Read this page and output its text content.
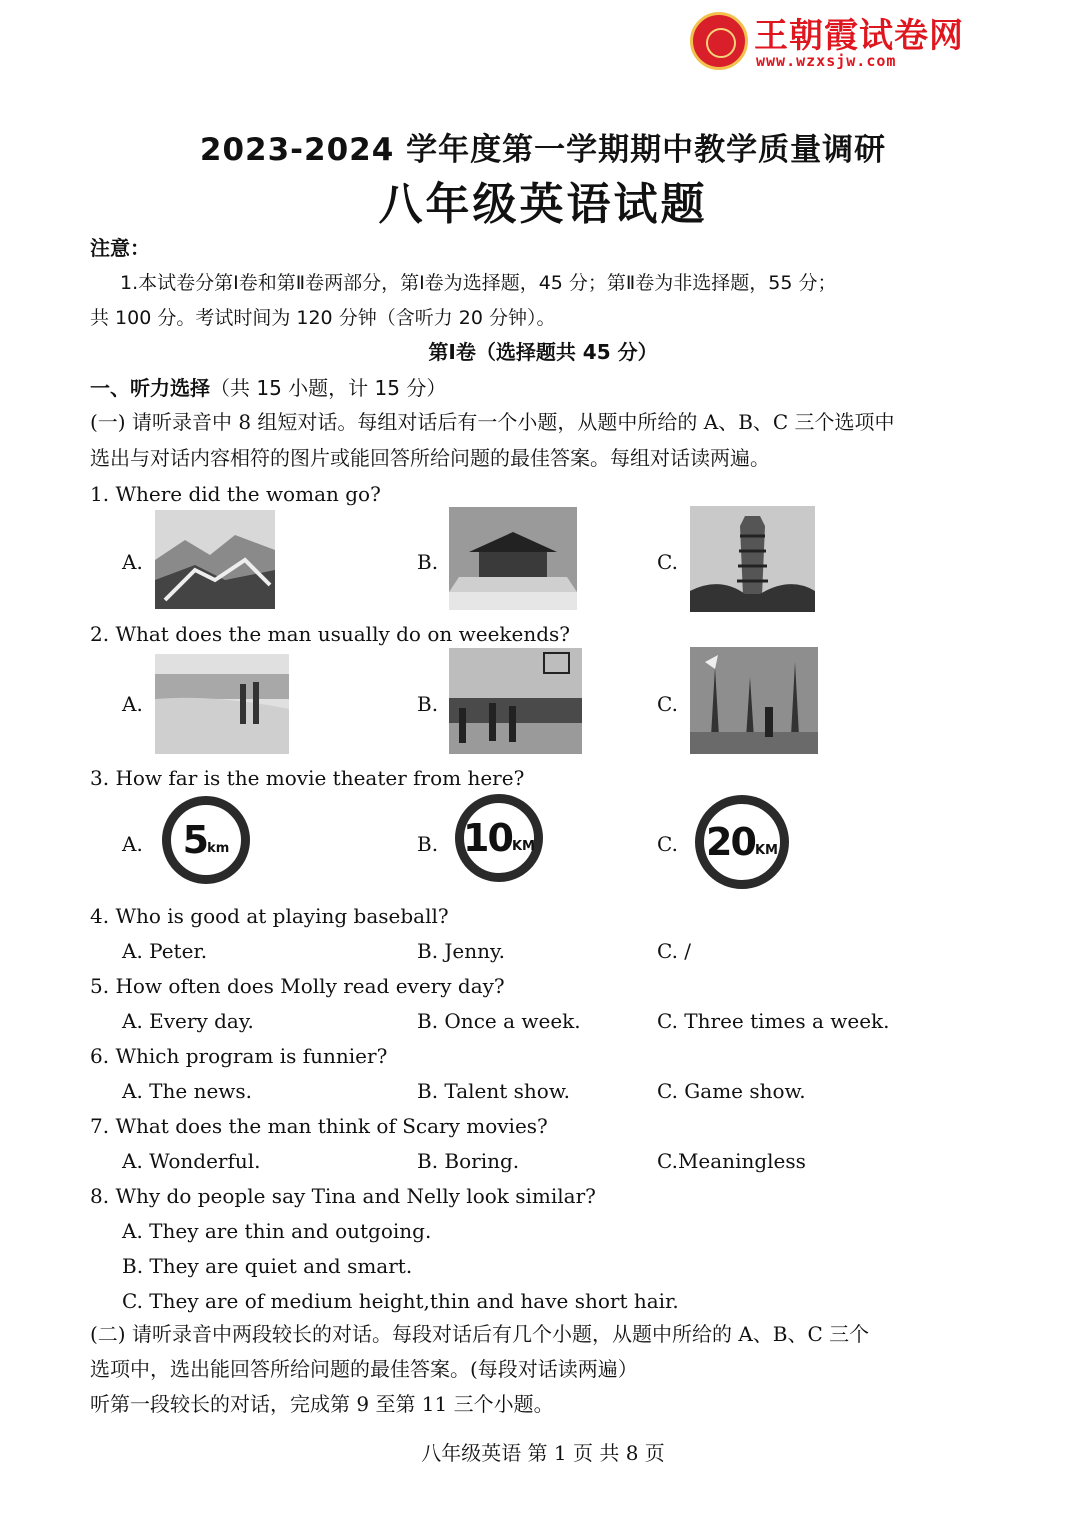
王朝霞试卷网
www.wzxsjw.com
2023-2024 学年度第一学期期中教学质量调研
八年级英语试题
注意：
1.本试卷分第Ⅰ卷和第Ⅱ卷两部分，第Ⅰ卷为选择题，45 分；第Ⅱ卷为非选择题，55 分；
共 100 分。考试时间为 120 分钟（含听力 20 分钟）。
第Ⅰ卷（选择题共 45 分）
一、听力选择（共 15 小题，计 15 分）
(一) 请听录音中 8 组短对话。每组对话后有一个小题，从题中所给的 A、B、C 三个选项中
选出与对话内容相符的图片或能回答所给问题的最佳答案。每组对话读两遍。
1. Where did the woman go?
A.	B.	C.
2. What does the man usually do on weekends?
A.	B.	C.
3. How far is the movie theater from here?
A. 5 km	B. 10 KM	C. 20 KM
4. Who is good at playing baseball?
A. Peter.	B. Jenny.	C. /
5. How often does Molly read every day?
A. Every day.	B. Once a week.	C. Three times a week.
6. Which program is funnier?
A. The news.	B. Talent show.	C. Game show.
7. What does the man think of Scary movies?
A. Wonderful.	B. Boring.	C.Meaningless
8. Why do people say Tina and Nelly look similar?
A. They are thin and outgoing.
B. They are quiet and smart.
C. They are of medium height,thin and have short hair.
(二) 请听录音中两段较长的对话。每段对话后有几个小题，从题中所给的 A、B、C 三个
选项中，选出能回答所给问题的最佳答案。(每段对话读两遍）
听第一段较长的对话，完成第 9 至第 11 三个小题。
八年级英语 第 1 页 共 8 页
